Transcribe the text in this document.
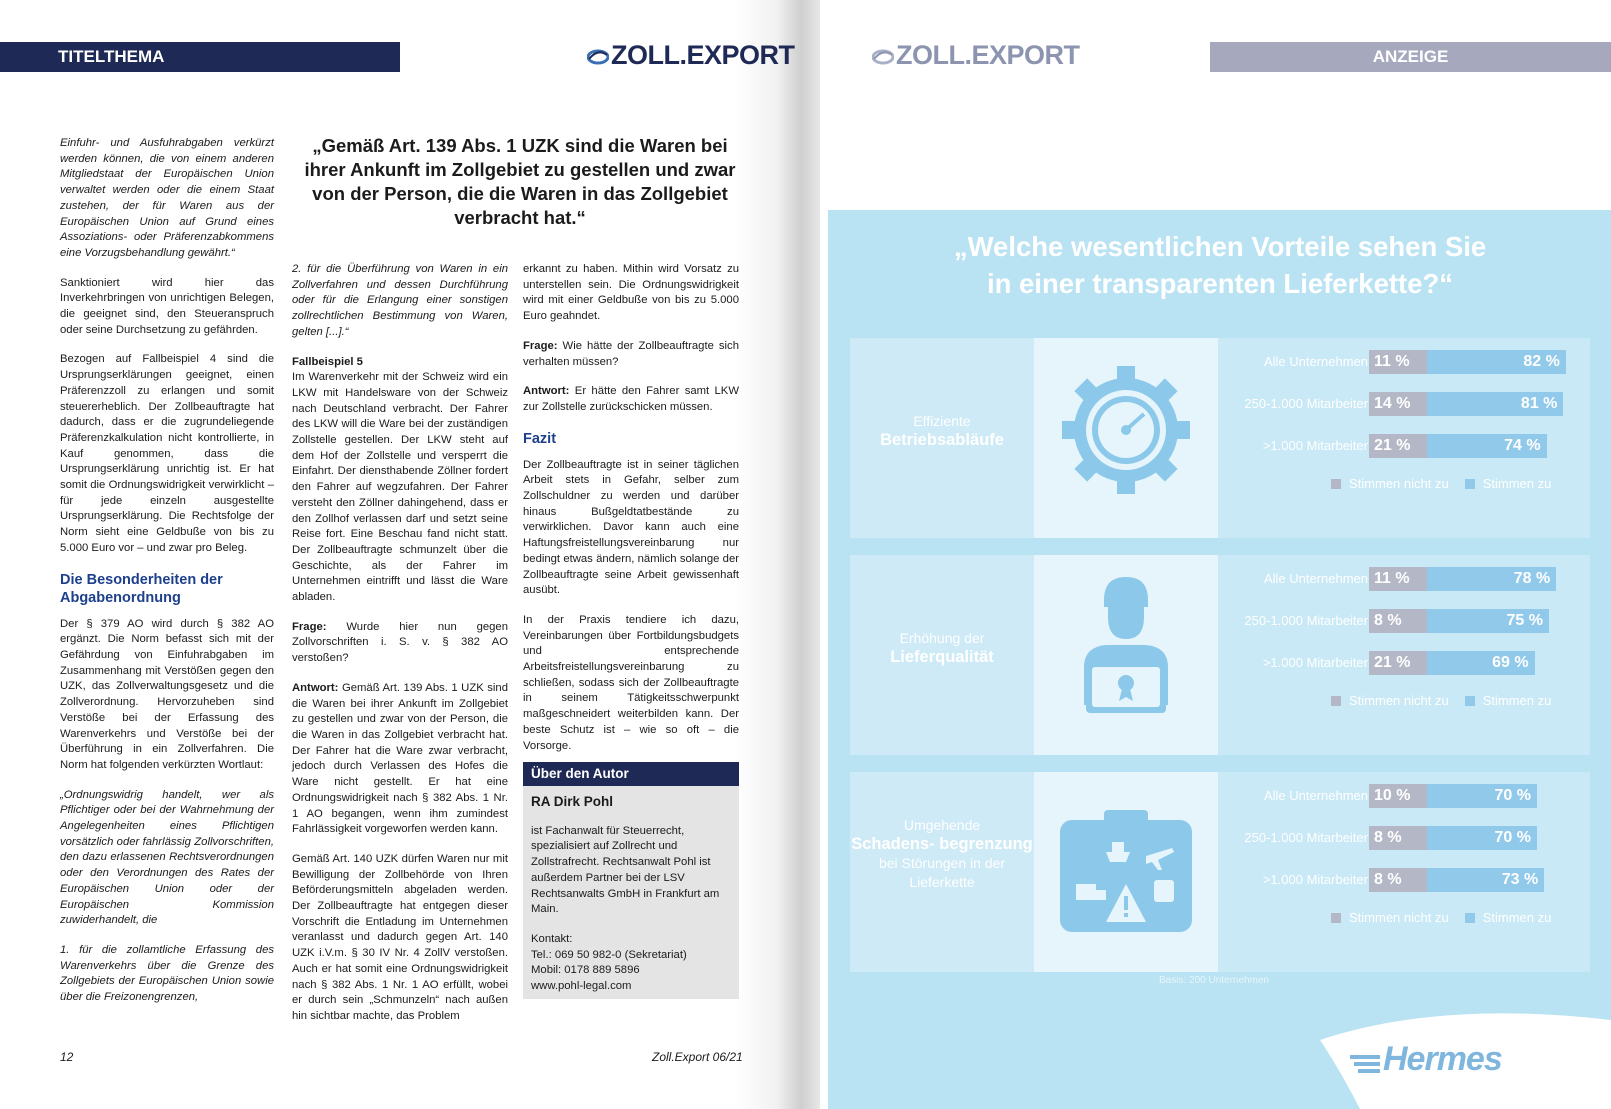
TITELTHEMA	ZOLL.EXPORT
„Gemäß Art. 139 Abs. 1 UZK sind die Waren bei ihrer Ankunft im Zollgebiet zu gestellen und zwar von der Person, die die Waren in das Zollgebiet verbracht hat.“

Einfuhr- und Ausfuhrabgaben verkürzt werden können, die von einem anderen Mitgliedstaat der Europäischen Union verwaltet werden oder die einem Staat zustehen, der für Waren aus der Europäischen Union auf Grund eines Assoziations- oder Präferenzabkommens eine Vorzugsbehandlung gewährt.“

Sanktioniert wird hier das Inverkehrbringen von unrichtigen Belegen, die geeignet sind, den Steueranspruch oder seine Durchsetzung zu gefährden.

Bezogen auf Fallbeispiel 4 sind die Ursprungserklärungen geeignet, einen Präferenzzoll zu erlangen und somit steuererheblich. Der Zollbeauftragte hat dadurch, dass er die zugrundeliegende Präferenzkalkulation nicht kontrollierte, in Kauf genommen, dass die Ursprungserklärung unrichtig ist. Er hat somit die Ordnungswidrigkeit verwirklicht – für jede einzeln ausgestellte Ursprungserklärung. Die Rechtsfolge der Norm sieht eine Geldbuße von bis zu 5.000 Euro vor – und zwar pro Beleg.

Die Besonderheiten der Abgabenordnung

Der § 379 AO wird durch § 382 AO ergänzt. Die Norm befasst sich mit der Gefährdung von Einfuhrabgaben im Zusammenhang mit Verstößen gegen den UZK, das Zollverwaltungsgesetz und die Zollverordnung. Hervorzuheben sind Verstöße bei der Erfassung des Warenverkehrs und Verstöße bei der Überführung in ein Zollverfahren. Die Norm hat folgenden verkürzten Wortlaut:

„Ordnungswidrig handelt, wer als Pflichtiger oder bei der Wahrnehmung der Angelegenheiten eines Pflichtigen vorsätzlich oder fahrlässig Zollvorschriften, den dazu erlassenen Rechtsverordnungen oder den Verordnungen des Rates der Europäischen Union oder der Europäischen Kommission zuwiderhandelt, die

1. für die zollamtliche Erfassung des Warenverkehrs über die Grenze des Zollgebiets der Europäischen Union sowie über die Freizonengrenzen,

2. für die Überführung von Waren in ein Zollverfahren und dessen Durchführung oder für die Erlangung einer sonstigen zollrechtlichen Bestimmung von Waren, gelten [...].“

Fallbeispiel 5

Im Warenverkehr mit der Schweiz wird ein LKW mit Handelsware von der Schweiz nach Deutschland verbracht. Der Fahrer des LKW will die Ware bei der zuständigen Zollstelle gestellen. Der LKW steht auf dem Hof der Zollstelle und versperrt die Einfahrt. Der diensthabende Zöllner fordert den Fahrer auf wegzufahren. Der Fahrer versteht den Zöllner dahingehend, dass er den Zollhof verlassen darf und setzt seine Reise fort. Eine Beschau fand nicht statt. Der Zollbeauftragte schmunzelt über die Geschichte, als der Fahrer im Unternehmen eintrifft und lässt die Ware abladen.

Frage: Wurde hier nun gegen Zollvorschriften i. S. v. § 382 AO verstoßen?

Antwort: Gemäß Art. 139 Abs. 1 UZK sind die Waren bei ihrer Ankunft im Zollgebiet zu gestellen und zwar von der Person, die die Waren in das Zollgebiet verbracht hat. Der Fahrer hat die Ware zwar verbracht, jedoch durch Verlassen des Hofes die Ware nicht gestellt. Er hat eine Ordnungswidrigkeit nach § 382 Abs. 1 Nr. 1 AO begangen, wenn ihm zumindest Fahrlässigkeit vorgeworfen werden kann.

Gemäß Art. 140 UZK dürfen Waren nur mit Bewilligung der Zollbehörde von Ihren Beförderungsmitteln abgeladen werden. Der Zollbeauftragte hat entgegen dieser Vorschrift die Entladung im Unternehmen veranlasst und dadurch gegen Art. 140 UZK i.V.m. § 30 IV Nr. 4 ZollV verstoßen. Auch er hat somit eine Ordnungswidrigkeit nach § 382 Abs. 1 Nr. 1 AO erfüllt, wobei er durch sein „Schmunzeln“ nach außen hin sichtbar machte, das Problem

erkannt zu haben. Mithin wird Vorsatz zu unterstellen sein. Die Ordnungswidrigkeit wird mit einer Geldbuße von bis zu 5.000 Euro geahndet.

Frage: Wie hätte der Zollbeauftragte sich verhalten müssen?

Antwort: Er hätte den Fahrer samt LKW zur Zollstelle zurückschicken müssen.

Fazit

Der Zollbeauftragte ist in seiner täglichen Arbeit stets in Gefahr, selber zum Zollschuldner zu werden und darüber hinaus Bußgeldtatbestände zu verwirklichen. Davor kann auch eine Haftungsfreistellungsvereinbarung nur bedingt etwas ändern, nämlich solange der Zollbeauftragte seine Arbeit gewissenhaft ausübt.

In der Praxis tendiere ich dazu, Vereinbarungen über Fortbildungsbudgets und entsprechende Arbeitsfreistellungsvereinbarung zu schließen, sodass sich der Zollbeauftragte in seinem Tätigkeitsschwerpunkt maßgeschneidert weiterbilden kann. Der beste Schutz ist – wie so oft – die Vorsorge.

Über den Autor
RA Dirk Pohl
ist Fachanwalt für Steuerrecht, spezialisiert auf Zollrecht und Zollstrafrecht. Rechtsanwalt Pohl ist außerdem Partner bei der LSV Rechtsanwalts GmbH in Frankfurt am Main.
Kontakt:
Tel.: 069 50 982-0 (Sekretariat)
Mobil: 0178 889 5896
www.pohl-legal.com
12	Zoll.Export 06/21
ZOLL.EXPORT	ANZEIGE
„Welche wesentlichen Vorteile sehen Sie
in einer transparenten Lieferkette?“
Effiziente
Betriebsabläufe
Alle Unternehmen 11 %	82 %
250-1.000 Mitarbeiter 14 %	81 %
>1.000 Mitarbeiter 21 %	74 %
Stimmen nicht zu	Stimmen zu
Erhöhung der
Lieferqualität
Alle Unternehmen 11 %	78 %
250-1.000 Mitarbeiter 8 %	75 %
>1.000 Mitarbeiter 21 %	69 %
Stimmen nicht zu	Stimmen zu
Umgehende
Schadens- begrenzung
bei Störungen in der Lieferkette
Alle Unternehmen 10 %	70 %
250-1.000 Mitarbeiter 8 %	70 %
>1.000 Mitarbeiter 8 %	73 %
Stimmen nicht zu	Stimmen zu
Basis: 200 Unternehmen
Hermes
